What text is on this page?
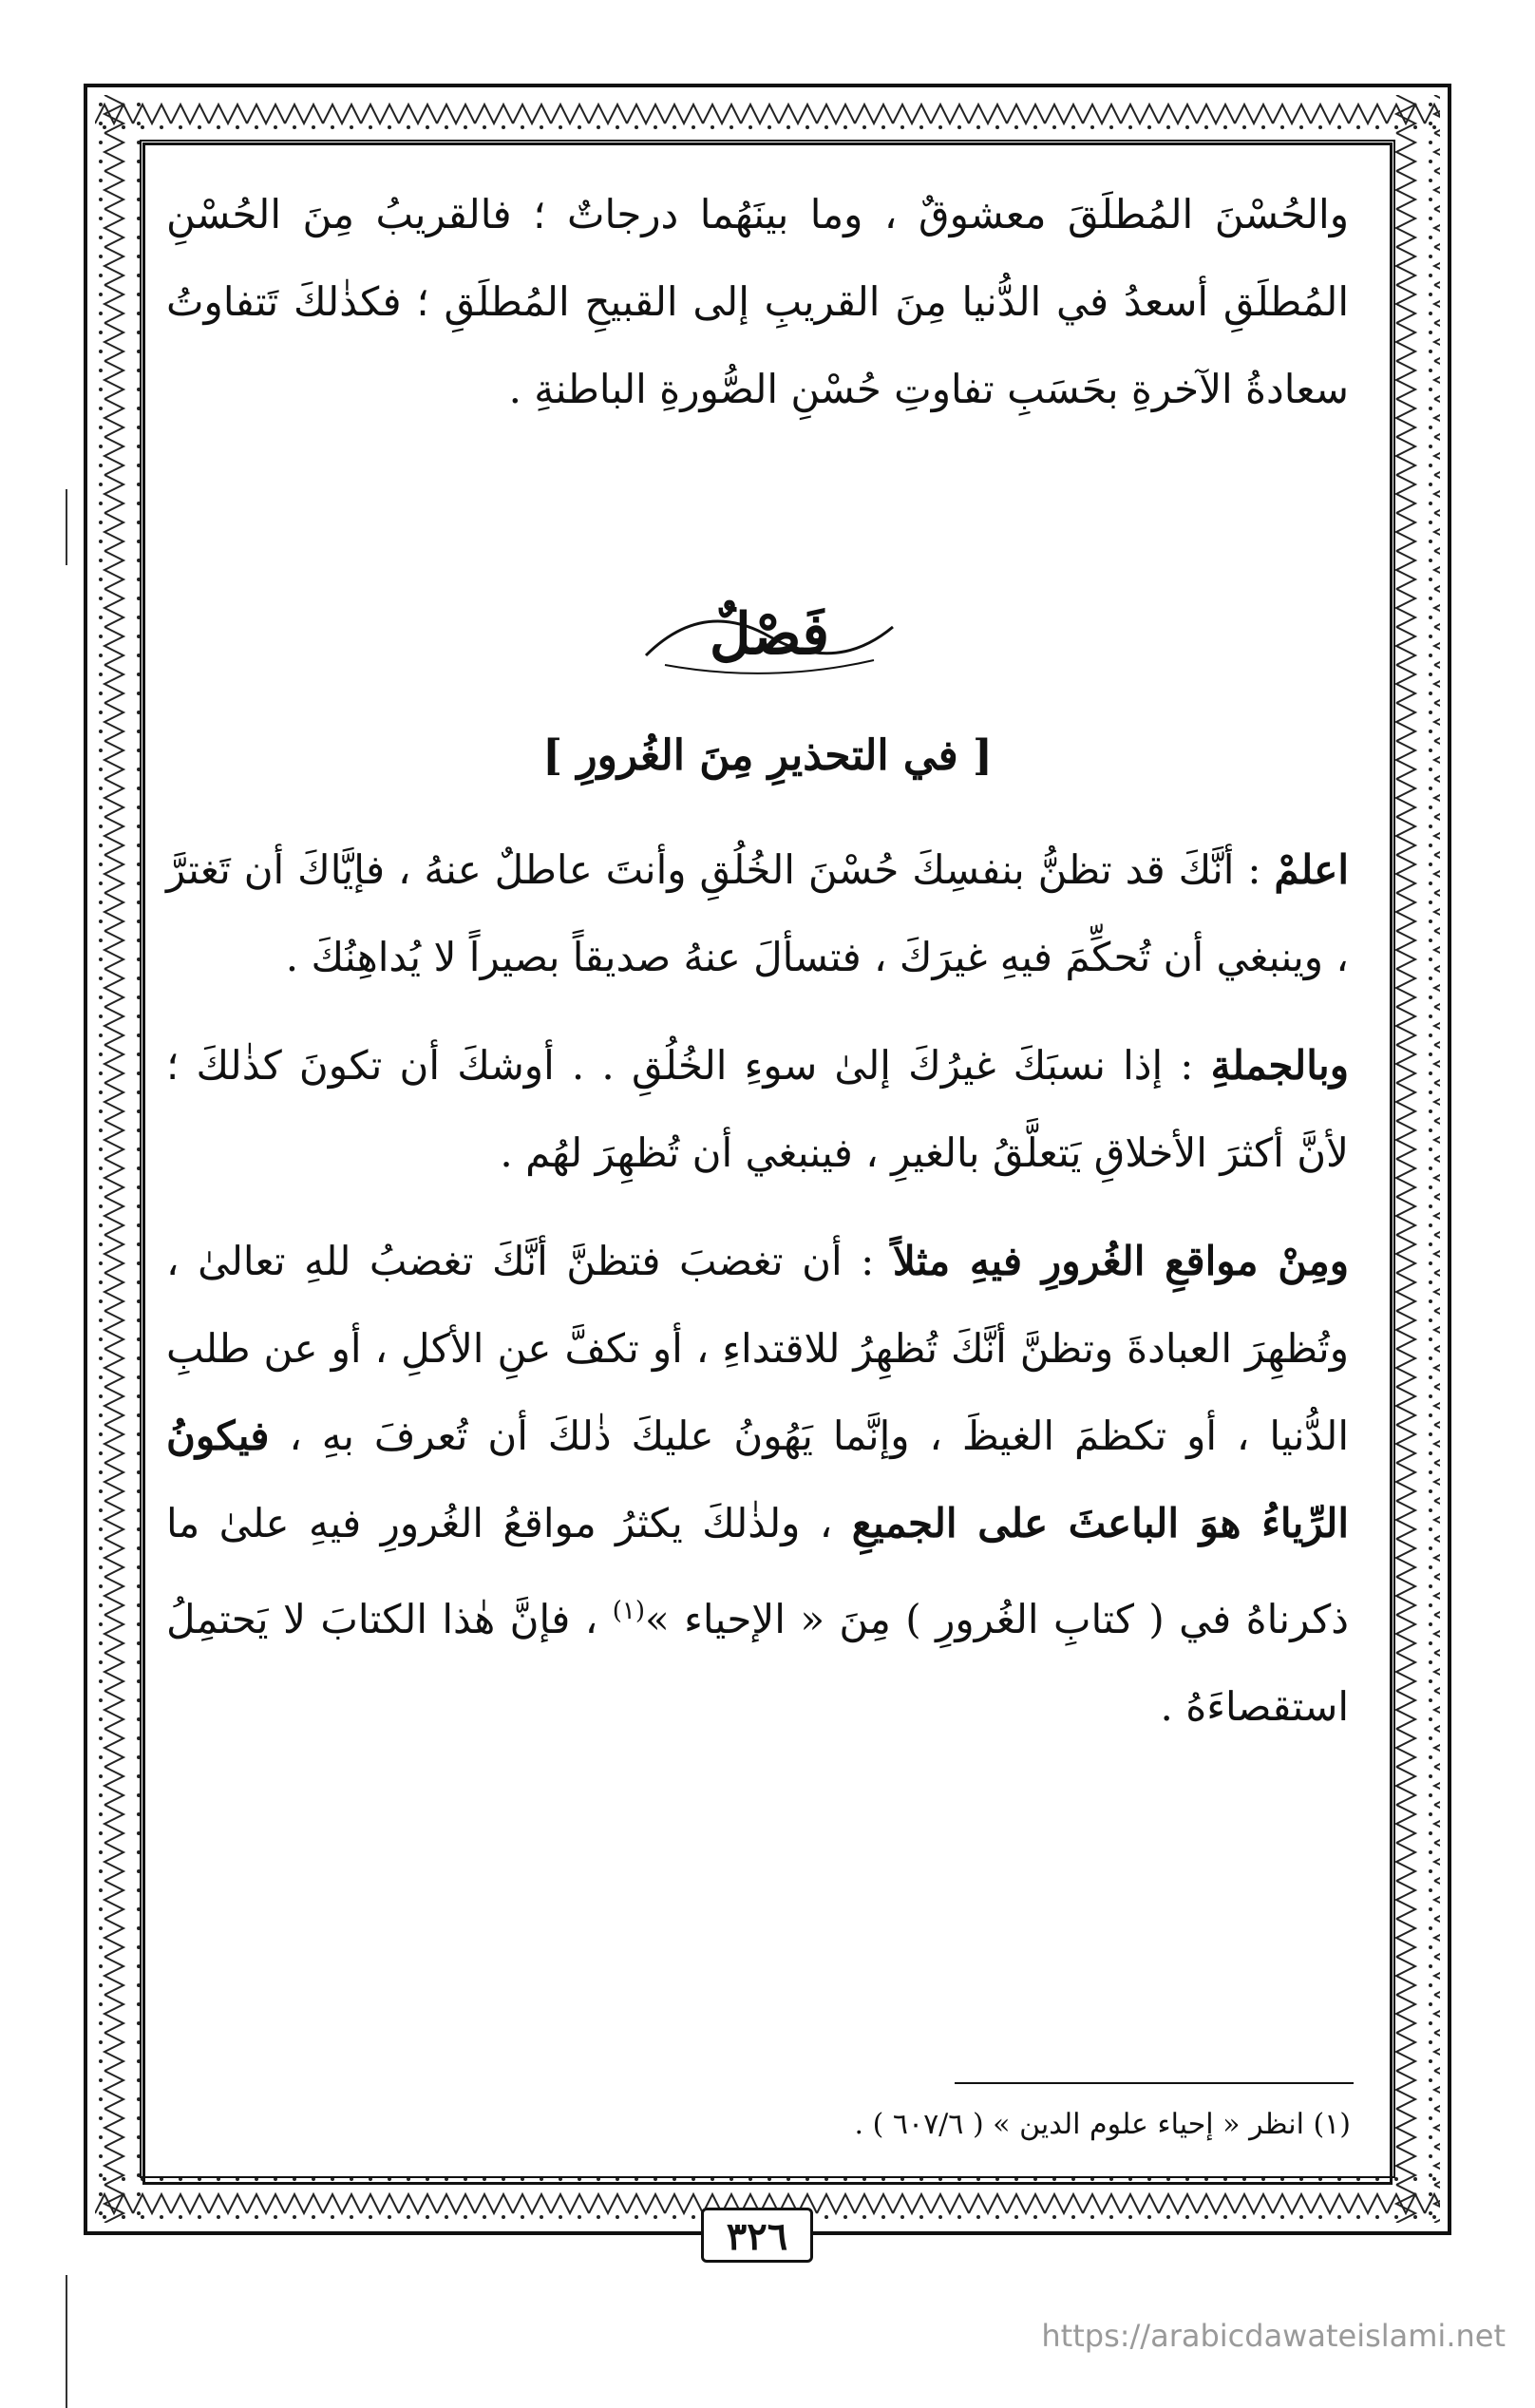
والحُسْنَ المُطلَقَ معشوقٌ ، وما بينَهُما درجاتٌ ؛ فالقريبُ مِنَ الحُسْنِ المُطلَقِ أسعدُ في الدُّنيا مِنَ القريبِ إلى القبيحِ المُطلَقِ ؛ فكذٰلكَ تَتفاوتُ سعادةُ الآخرةِ بحَسَبِ تفاوتِ حُسْنِ الصُّورةِ الباطنةِ .

فَصْلٌ
[ في التحذيرِ مِنَ الغُرورِ ]

اعلمْ : أنَّكَ قد تظنُّ بنفسِكَ حُسْنَ الخُلُقِ وأنتَ عاطلٌ عنهُ ، فإيَّاكَ أن تَغترَّ ، وينبغي أن تُحكِّمَ فيهِ غيرَكَ ، فتسألَ عنهُ صديقاً بصيراً لا يُداهِنُكَ .

وبالجملةِ : إذا نسبَكَ غيرُكَ إلىٰ سوءِ الخُلُقِ . . أوشكَ أن تكونَ كذٰلكَ ؛ لأنَّ أكثرَ الأخلاقِ يَتعلَّقُ بالغيرِ ، فينبغي أن تُظهِرَ لهُم .

ومِنْ مواقعِ الغُرورِ فيهِ مثلاً : أن تغضبَ فتظنَّ أنَّكَ تغضبُ للهِ تعالىٰ ، وتُظهِرَ العبادةَ وتظنَّ أنَّكَ تُظهِرُ للاقتداءِ ، أو تكفَّ عنِ الأكلِ ، أو عن طلبِ الدُّنيا ، أو تكظمَ الغيظَ ، وإنَّما يَهُونُ عليكَ ذٰلكَ أن تُعرفَ بهِ ، فيكونُ الرِّياءُ هوَ الباعثَ على الجميعِ ، ولذٰلكَ يكثرُ مواقعُ الغُرورِ فيهِ علىٰ ما ذكرناهُ في ( كتابِ الغُرورِ ) مِنَ « الإحياء »$^{(١)}$ ، فإنَّ هٰذا الكتابَ لا يَحتمِلُ استقصاءَهُ .

(١) انظر « إحياء علوم الدين » ( ٦٠٧/٦ ) .
٣٢٦
https://arabicdawateislami.net
